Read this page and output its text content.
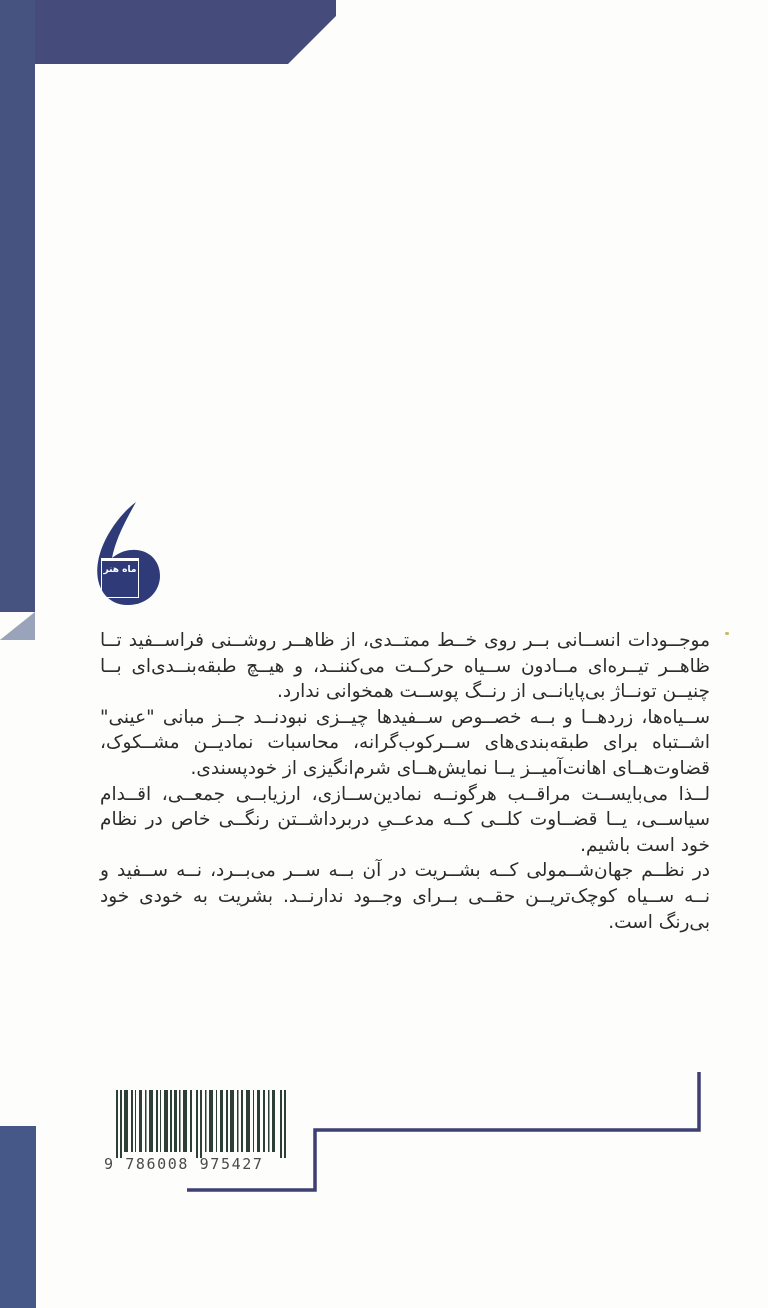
ماه هنر

موجــودات انســانی بــر روی خــط ممتــدی، از ظاهــر روشــنی فراســفید تــا ظاهــر تیــره‌ای مــادون ســیاه حرکــت می‌کننــد، و هیــچ طبقه‌بنــدی‌ای بــا چنیــن تونــاژ بی‌پایانــی از رنــگ پوســت همخوانی ندارد.

ســیاه‌ها، زردهــا و بــه خصــوص ســفیدها چیــزی نبودنــد جــز مبانی "عینی" اشــتباه برای طبقه‌بندی‌های ســرکوب‌گرانه، محاسبات نمادیــن مشــکوک، قضاوت‌هــای اهانت‌آمیــز یــا نمایش‌هــای شرم‌انگیزی از خودپسندی.

لــذا می‌بایســت مراقــب هرگونــه نمادین‌ســازی، ارزیابــی جمعــی، اقــدام سیاســی، یــا قضــاوت کلــی کــه مدعــیِ دربرداشــتن رنگــی خاص در نظام خود است باشیم.

در نظــم جهان‌شــمولی کــه بشــریت در آن بــه ســر می‌بــرد، نــه ســفید و نــه ســیاه کوچک‌تریــن حقــی بــرای وجــود ندارنــد. بشریت به خودی خود بی‌رنگ است.

9 786008 975427
